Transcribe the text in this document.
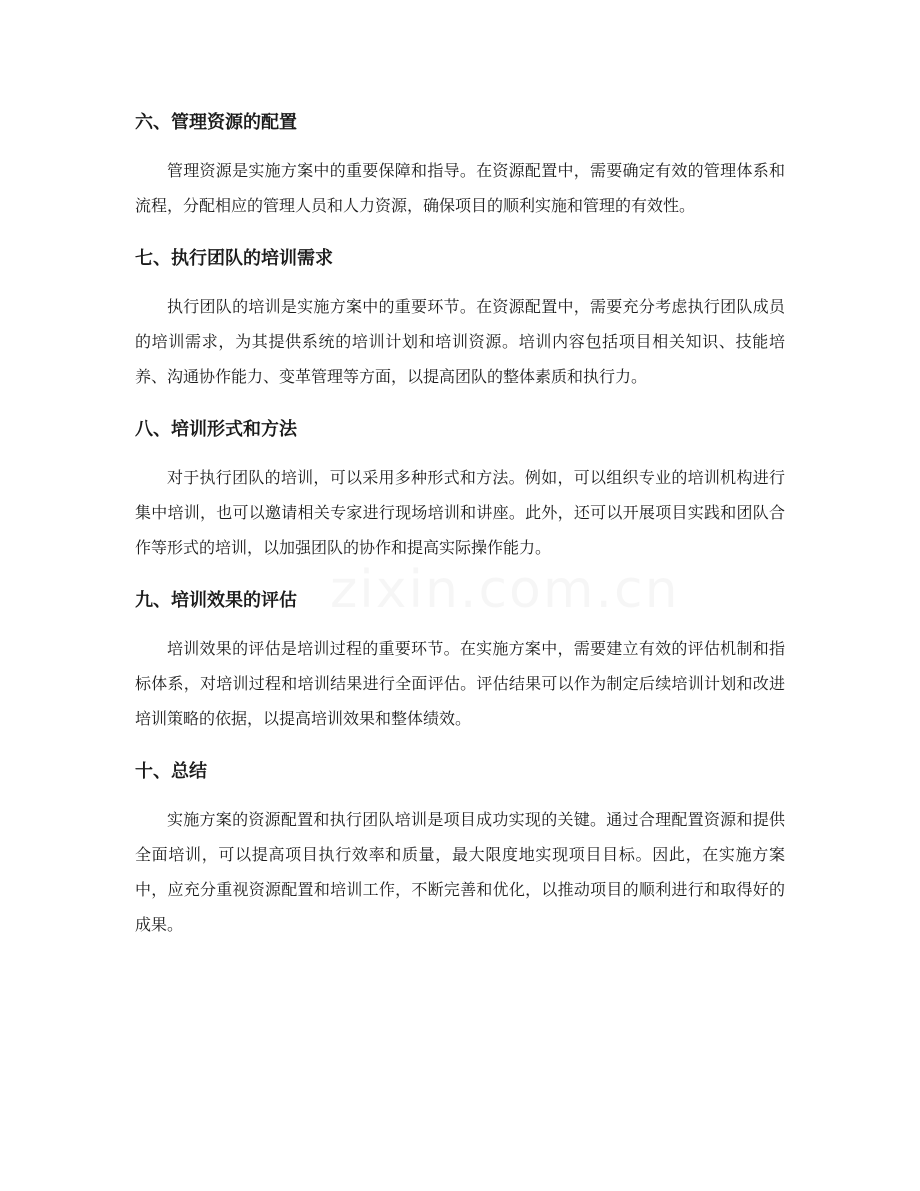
六、管理资源的配置

管理资源是实施方案中的重要保障和指导。在资源配置中，需要确定有效的管理体系和流程，分配相应的管理人员和人力资源，确保项目的顺利实施和管理的有效性。

七、执行团队的培训需求

执行团队的培训是实施方案中的重要环节。在资源配置中，需要充分考虑执行团队成员的培训需求，为其提供系统的培训计划和培训资源。培训内容包括项目相关知识、技能培养、沟通协作能力、变革管理等方面，以提高团队的整体素质和执行力。

八、培训形式和方法

对于执行团队的培训，可以采用多种形式和方法。例如，可以组织专业的培训机构进行集中培训，也可以邀请相关专家进行现场培训和讲座。此外，还可以开展项目实践和团队合作等形式的培训，以加强团队的协作和提高实际操作能力。

九、培训效果的评估

培训效果的评估是培训过程的重要环节。在实施方案中，需要建立有效的评估机制和指标体系，对培训过程和培训结果进行全面评估。评估结果可以作为制定后续培训计划和改进培训策略的依据，以提高培训效果和整体绩效。

十、总结

实施方案的资源配置和执行团队培训是项目成功实现的关键。通过合理配置资源和提供全面培训，可以提高项目执行效率和质量，最大限度地实现项目目标。因此，在实施方案中，应充分重视资源配置和培训工作，不断完善和优化，以推动项目的顺利进行和取得好的成果。
